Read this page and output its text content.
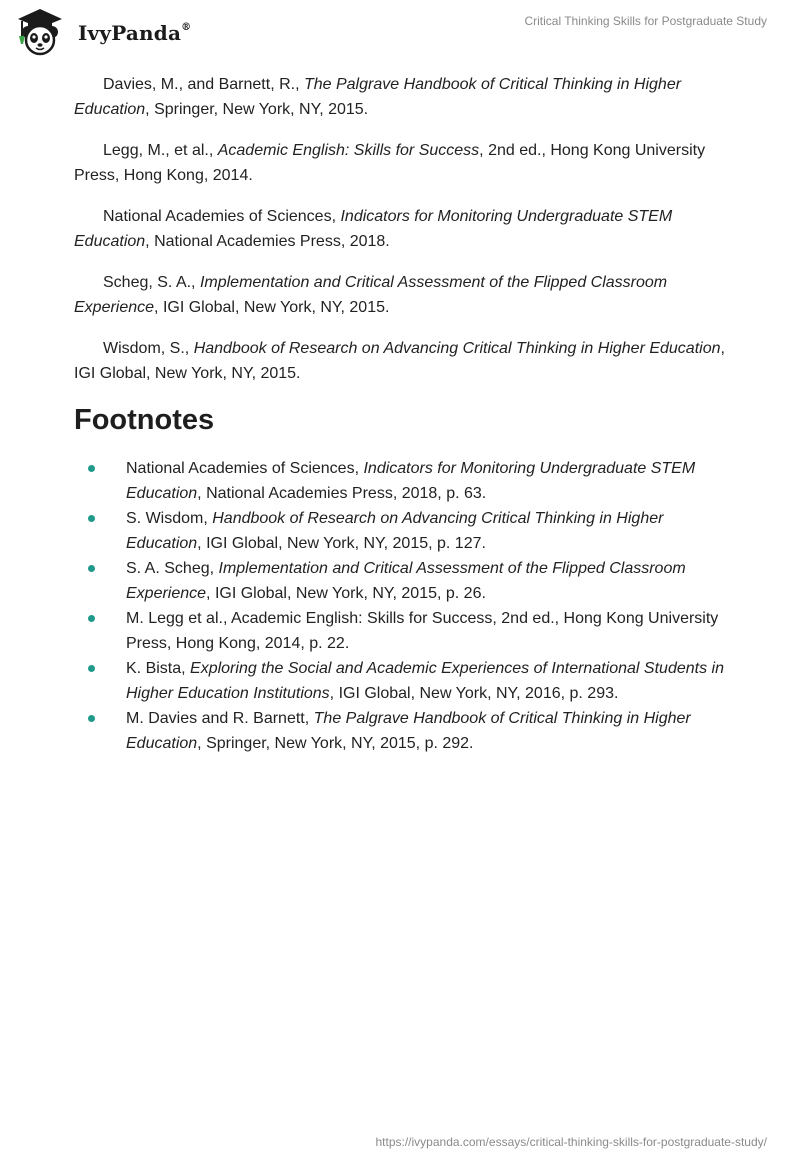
IvyPanda®	Critical Thinking Skills for Postgraduate Study

Davies, M., and Barnett, R., The Palgrave Handbook of Critical Thinking in Higher Education, Springer, New York, NY, 2015.

Legg, M., et al., Academic English: Skills for Success, 2nd ed., Hong Kong University Press, Hong Kong, 2014.

National Academies of Sciences, Indicators for Monitoring Undergraduate STEM Education, National Academies Press, 2018.

Scheg, S. A., Implementation and Critical Assessment of the Flipped Classroom Experience, IGI Global, New York, NY, 2015.

Wisdom, S., Handbook of Research on Advancing Critical Thinking in Higher Education, IGI Global, New York, NY, 2015.

Footnotes
National Academies of Sciences, Indicators for Monitoring Undergraduate STEM Education, National Academies Press, 2018, p. 63.
S. Wisdom, Handbook of Research on Advancing Critical Thinking in Higher Education, IGI Global, New York, NY, 2015, p. 127.
S. A. Scheg, Implementation and Critical Assessment of the Flipped Classroom Experience, IGI Global, New York, NY, 2015, p. 26.
M. Legg et al., Academic English: Skills for Success, 2nd ed., Hong Kong University Press, Hong Kong, 2014, p. 22.
K. Bista, Exploring the Social and Academic Experiences of International Students in Higher Education Institutions, IGI Global, New York, NY, 2016, p. 293.
M. Davies and R. Barnett, The Palgrave Handbook of Critical Thinking in Higher Education, Springer, New York, NY, 2015, p. 292.
https://ivypanda.com/essays/critical-thinking-skills-for-postgraduate-study/
